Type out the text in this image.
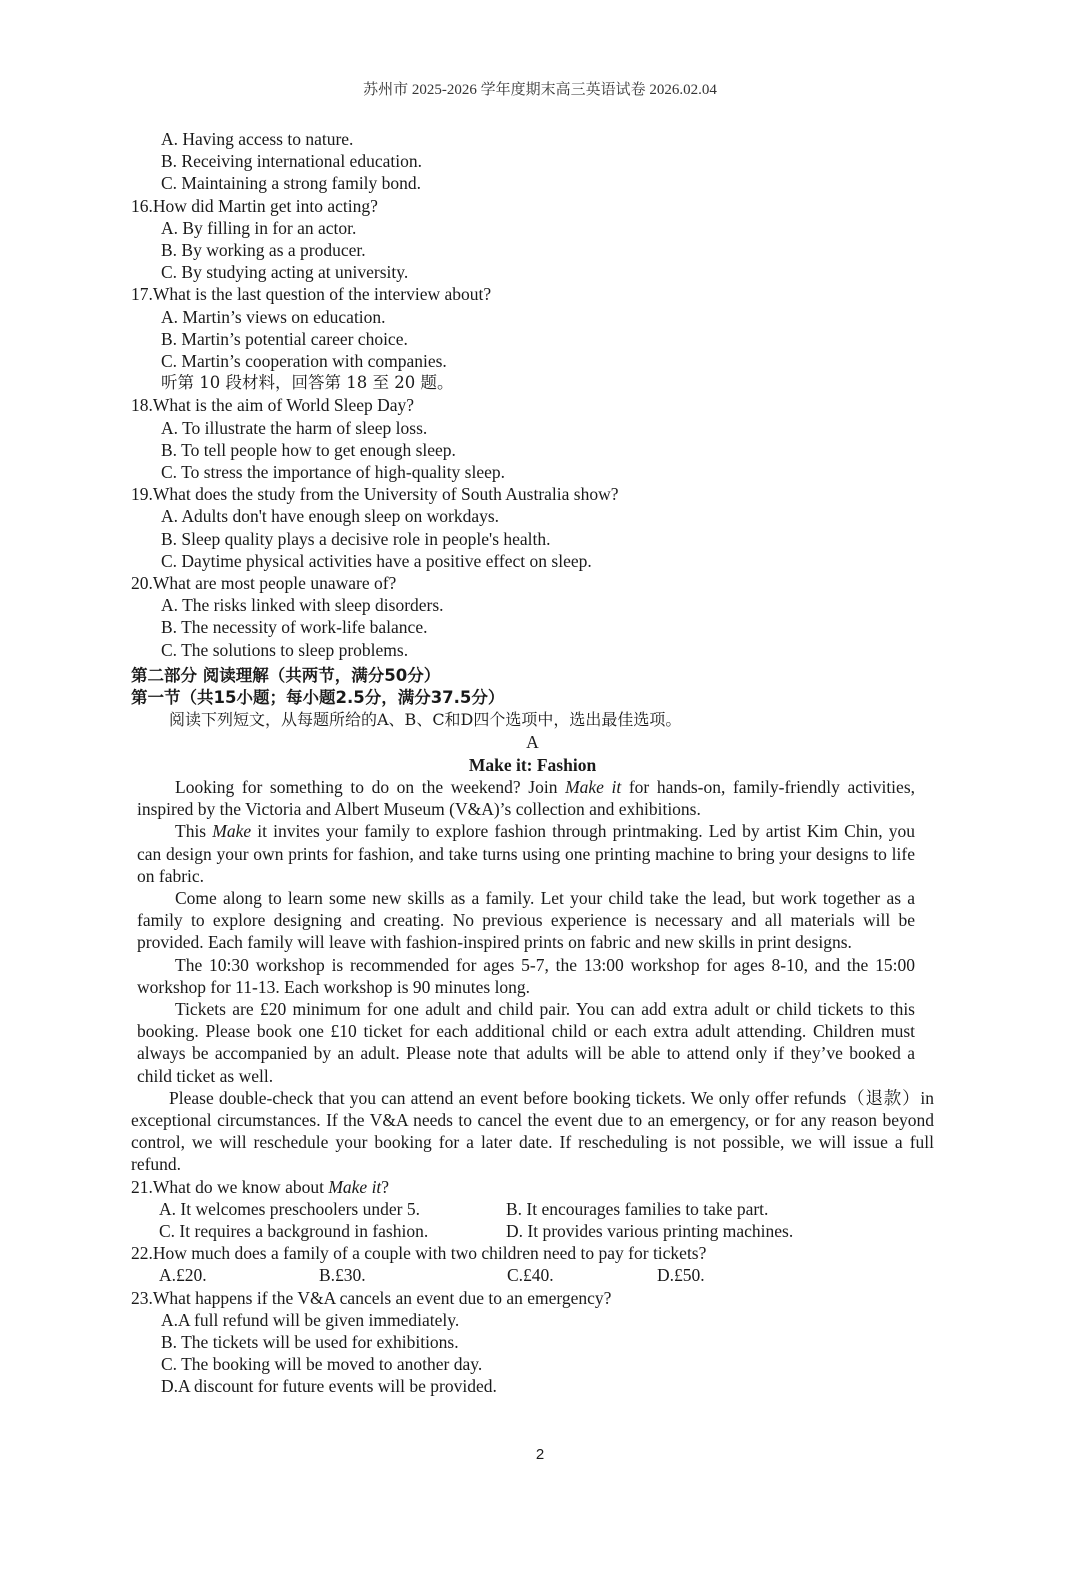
苏州市 2025-2026 学年度期末高三英语试卷 2026.02.04

A. Having access to nature.

B. Receiving international education.

C. Maintaining a strong family bond.

16.How did Martin get into acting?

A. By filling in for an actor.

B. By working as a producer.

C. By studying acting at university.

17.What is the last question of the interview about?

A. Martin’s views on education.

B. Martin’s potential career choice.

C. Martin’s cooperation with companies.

听第 10 段材料，回答第 18 至 20 题。

18.What is the aim of World Sleep Day?

A. To illustrate the harm of sleep loss.

B. To tell people how to get enough sleep.

C. To stress the importance of high-quality sleep.

19.What does the study from the University of South Australia show?

A. Adults don't have enough sleep on workdays.

B. Sleep quality plays a decisive role in people's health.

C. Daytime physical activities have a positive effect on sleep.

20.What are most people unaware of?

A. The risks linked with sleep disorders.

B. The necessity of work-life balance.

C. The solutions to sleep problems.

第二部分 阅读理解（共两节，满分50分）

第一节（共15小题；每小题2.5分，满分37.5分）

阅读下列短文，从每题所给的A、B、C和D四个选项中，选出最佳选项。

A

Make it: Fashion

Looking for something to do on the weekend? Join Make it for hands-on, family-friendly activities, inspired by the Victoria and Albert Museum (V&A)’s collection and exhibitions.

This Make it invites your family to explore fashion through printmaking. Led by artist Kim Chin, you can design your own prints for fashion, and take turns using one printing machine to bring your designs to life on fabric.

Come along to learn some new skills as a family. Let your child take the lead, but work together as a family to explore designing and creating. No previous experience is necessary and all materials will be provided. Each family will leave with fashion-inspired prints on fabric and new skills in print designs.

The 10:30 workshop is recommended for ages 5-7, the 13:00 workshop for ages 8-10, and the 15:00 workshop for 11-13. Each workshop is 90 minutes long.

Tickets are £20 minimum for one adult and child pair. You can add extra adult or child tickets to this booking. Please book one £10 ticket for each additional child or each extra adult attending. Children must always be accompanied by an adult. Please note that adults will be able to attend only if they’ve booked a child ticket as well.

Please double-check that you can attend an event before booking tickets. We only offer refunds（退款）in exceptional circumstances. If the V&A needs to cancel the event due to an emergency, or for any reason beyond control, we will reschedule your booking for a later date. If rescheduling is not possible, we will issue a full refund.

21.What do we know about Make it?

A. It welcomes preschoolers under 5.	B. It encourages families to take part.
C. It requires a background in fashion.	D. It provides various printing machines.

22.How much does a family of a couple with two children need to pay for tickets?

A.£20.	B.£30.	C.£40.	D.£50.

23.What happens if the V&A cancels an event due to an emergency?

A.A full refund will be given immediately.

B. The tickets will be used for exhibitions.

C. The booking will be moved to another day.

D.A discount for future events will be provided.

2
